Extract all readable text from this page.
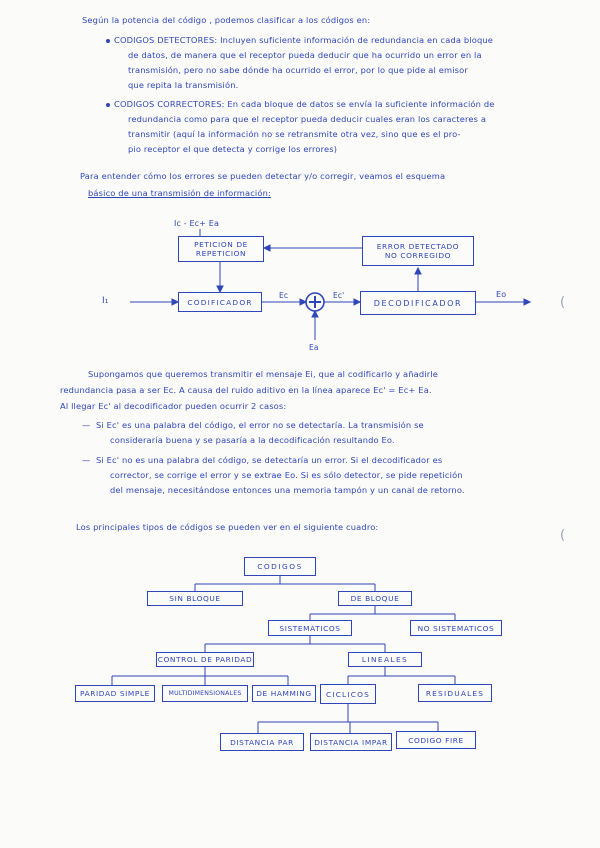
Según la potencia del código , podemos clasificar a los códigos en:
CODIGOS DETECTORES: Incluyen suficiente información de redundancia en cada bloque
de datos, de manera que el receptor pueda deducir que ha ocurrido un error en la
transmisión, pero no sabe dónde ha ocurrido el error, por lo que pide al emisor
que repita la transmisión.
CODIGOS CORRECTORES: En cada bloque de datos se envía la suficiente información de
redundancia como para que el receptor pueda deducir cuales eran los caracteres a
transmitir (aquí la información no se retransmite otra vez, sino que es el pro-
pio receptor el que detecta y corrige los errores)
Para entender cómo los errores se pueden detectar y/o corregir, veamos el esquema
básico de una transmisión de información:
Ic - Ec+ Ea
PETICION DE
REPETICION
ERROR DETECTADO
NO CORREGIDO
I₁	CODIFICADOR
Ec	Ec'
DECODIFICADOR
Eo
Ea
(
Supongamos que queremos transmitir el mensaje Ei, que al codificarlo y añadirle
redundancia pasa a ser Ec. A causa del ruido aditivo en la línea aparece Ec' = Ec+ Ea.
Al llegar Ec' al decodificador pueden ocurrir 2 casos:
— Si Ec' es una palabra del código, el error no se detectaría. La transmisión se
consideraría buena y se pasaría a la decodificación resultando Eo.
— Si Ec' no es una palabra del código, se detectaría un error. Si el decodificador es
corrector, se corrige el error y se extrae Eo. Si es sólo detector, se pide repetición
del mensaje, necesitándose entonces una memoria tampón y un canal de retorno.
Los principales tipos de códigos se pueden ver en el siguiente cuadro:
(
CODIGOS
SIN BLOQUE	DE BLOQUE
SISTEMATICOS	NO SISTEMATICOS
CONTROL DE PARIDAD	LINEALES
PARIDAD SIMPLE	MULTIDIMENSIONALES	DE HAMMING	CICLICOS	RESIDUALES
DISTANCIA PAR	DISTANCIA IMPAR	CODIGO FIRE
